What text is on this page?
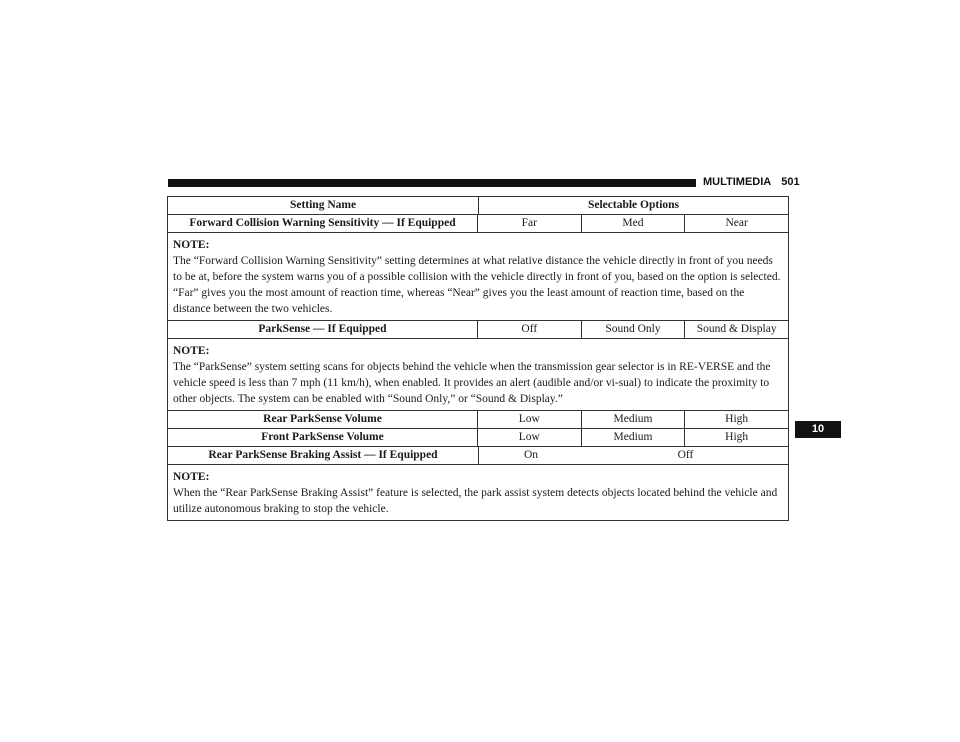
MULTIMEDIA 501
10
Setting Name	Selectable Options
Forward Collision Warning Sensitivity — If Equipped	Far	Med	Near
NOTE:
The “Forward Collision Warning Sensitivity” setting determines at what relative distance the vehicle directly in front of you needs to be at, before the system warns you of a possible collision with the vehicle directly in front of you, based on the option is selected. “Far” gives you the most amount of reaction time, whereas “Near” gives you the least amount of reaction time, based on the distance between the two vehicles.
ParkSense — If Equipped	Off	Sound Only	Sound & Display
NOTE:
The “ParkSense” system setting scans for objects behind the vehicle when the transmission gear selector is in RE-VERSE and the vehicle speed is less than 7 mph (11 km/h), when enabled. It provides an alert (audible and/or vi-sual) to indicate the proximity to other objects. The system can be enabled with “Sound Only,” or “Sound & Display.”
Rear ParkSense Volume	Low	Medium	High
Front ParkSense Volume	Low	Medium	High
Rear ParkSense Braking Assist — If Equipped	On	Off
NOTE:
When the “Rear ParkSense Braking Assist” feature is selected, the park assist system detects objects located behind the vehicle and utilize autonomous braking to stop the vehicle.
